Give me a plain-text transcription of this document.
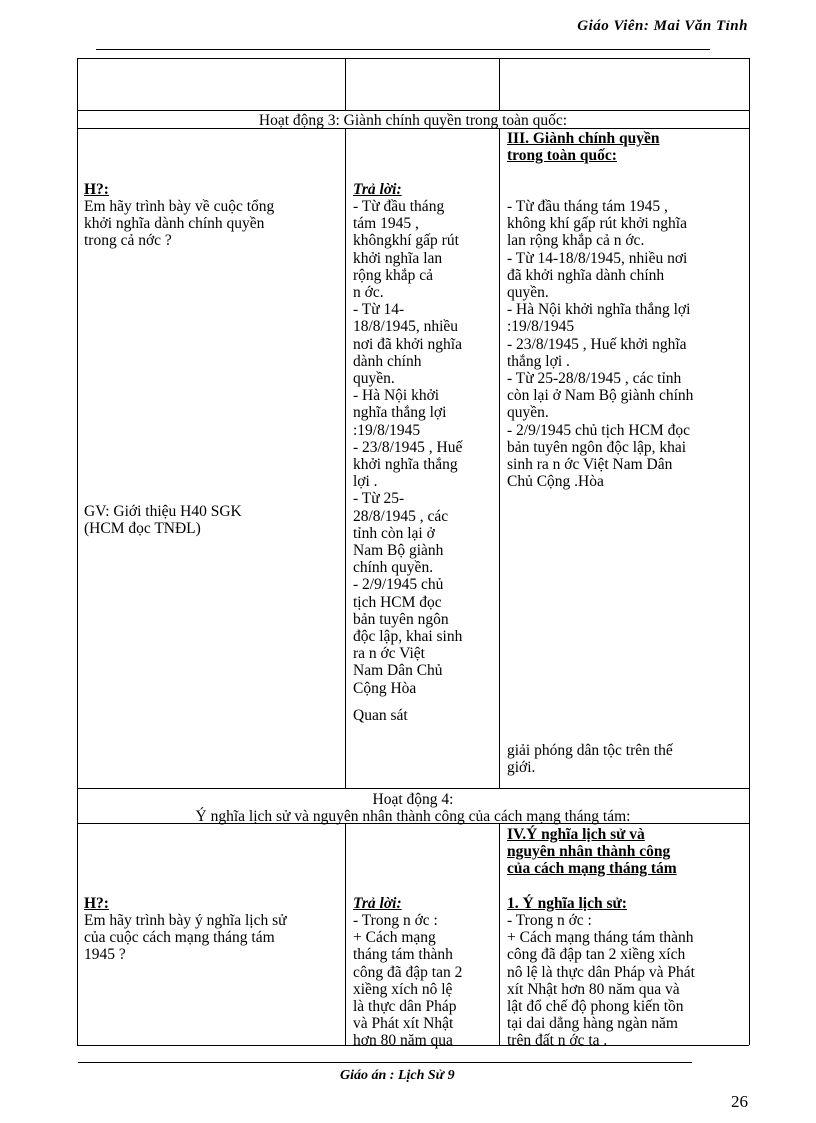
Giáo Viên: Mai Văn Tỉnh
Hoạt động 3: Giành chính quyền trong toàn quốc:
III. Giành chính quyền
trong toàn quốc:
H?:
Em hãy trình bày về cuộc tổng
khởi nghĩa dành chính quyền
trong cả nớc ?
GV: Giới thiệu H40 SGK
(HCM đọc TNĐL)
Trả lời:
- Từ đầu tháng
tám 1945 ,
khôngkhí gấp rút
khởi nghĩa lan
rộng khắp cả
n ớc.
- Từ 14-
18/8/1945, nhiều
nơi đã khởi nghĩa
dành chính
quyền.
- Hà Nội khởi
nghĩa thắng lợi
:19/8/1945
- 23/8/1945 , Huế
khởi nghĩa thắng
lợi .
- Từ 25-
28/8/1945 , các
tỉnh còn lại ở
Nam Bộ giành
chính quyền.
- 2/9/1945 chủ
tịch HCM đọc
bản tuyên ngôn
độc lập, khai sinh
ra n ớc Việt
Nam Dân Chủ
Cộng Hòa
Quan sát
- Từ đầu tháng tám 1945 ,
không khí gấp rút khởi nghĩa
lan rộng khắp cả n ớc.
- Từ 14-18/8/1945, nhiều nơi
đã khởi nghĩa dành chính
quyền.
- Hà Nội khởi nghĩa thắng lợi
:19/8/1945
- 23/8/1945 , Huế khởi nghĩa
thắng lợi .
- Từ 25-28/8/1945 , các tỉnh
còn lại ở Nam Bộ giành chính
quyền.
- 2/9/1945 chủ tịch HCM đọc
bản tuyên ngôn độc lập, khai
sinh ra n ớc Việt Nam Dân
Chủ Cộng .Hòa
giải phóng dân tộc trên thế
giới.
Hoạt động 4:
Ý nghĩa lịch sử và nguyên nhân thành công của cách mạng tháng tám:
IV.Ý nghĩa lịch sử và
nguyên nhân thành công
của cách mạng tháng tám
H?:
Em hãy trình bày ý nghĩa lịch sử
của cuộc cách mạng tháng tám
1945 ?
Trả lời:
- Trong n ớc :
+ Cách mạng
tháng tám thành
công đã đập tan 2
xiềng xích nô lệ
là thực dân Pháp
và Phát xít Nhật
hơn 80 năm qua
1. Ý nghĩa lịch sử:
- Trong n ớc :
+ Cách mạng tháng tám thành
công đã đập tan 2 xiềng xích
nô lệ là thực dân Pháp và Phát
xít Nhật hơn 80 năm qua và
lật đổ chế độ phong kiến tồn
tại dai dẳng hàng ngàn năm
trên đất n ớc ta .
Giáo án : Lịch Sử 9
26
